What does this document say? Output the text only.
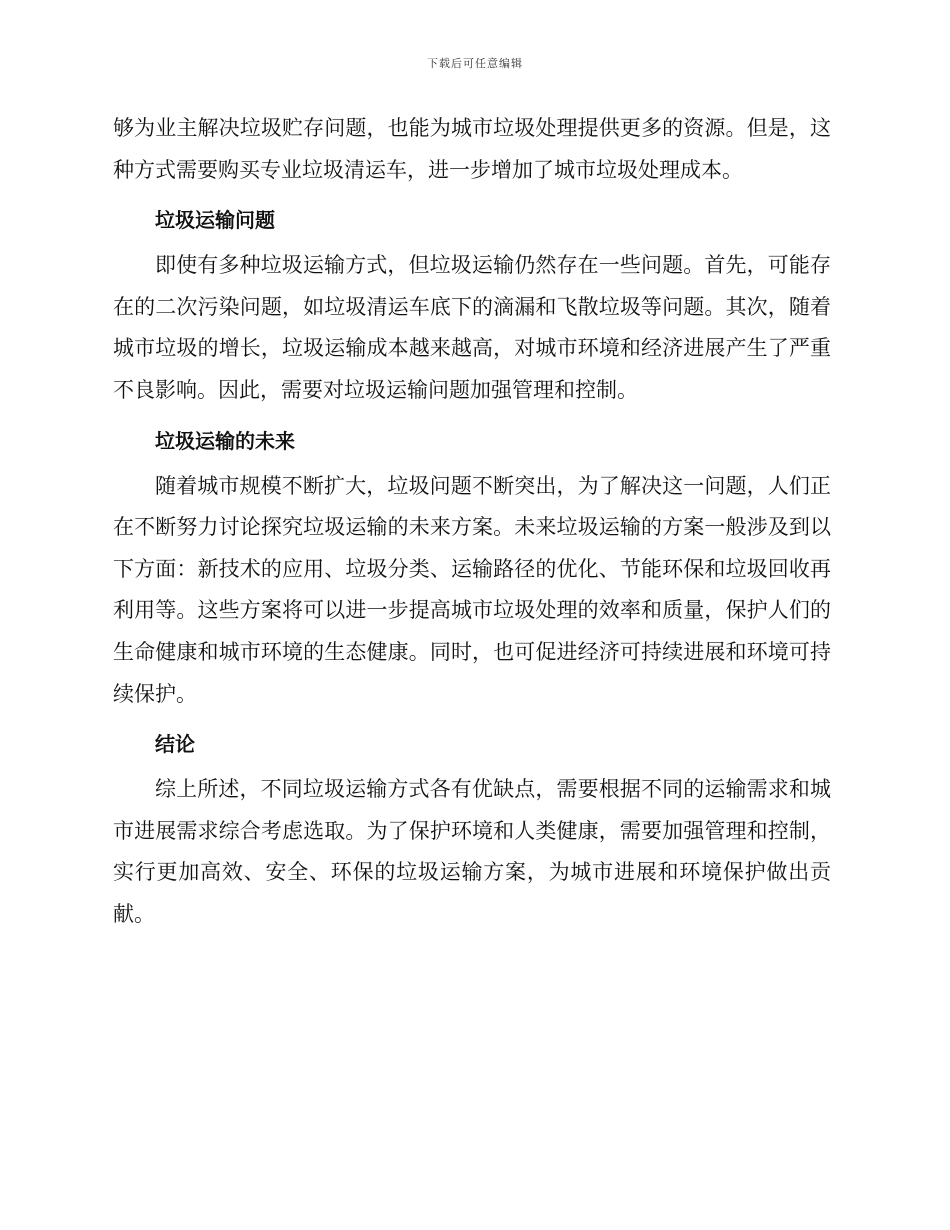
下载后可任意编辑

够为业主解决垃圾贮存问题，也能为城市垃圾处理提供更多的资源。但是，这种方式需要购买专业垃圾清运车，进一步增加了城市垃圾处理成本。

垃圾运输问题

即使有多种垃圾运输方式，但垃圾运输仍然存在一些问题。首先，可能存在的二次污染问题，如垃圾清运车底下的滴漏和飞散垃圾等问题。其次，随着城市垃圾的增长，垃圾运输成本越来越高，对城市环境和经济进展产生了严重不良影响。因此，需要对垃圾运输问题加强管理和控制。

垃圾运输的未来

随着城市规模不断扩大，垃圾问题不断突出，为了解决这一问题，人们正在不断努力讨论探究垃圾运输的未来方案。未来垃圾运输的方案一般涉及到以下方面：新技术的应用、垃圾分类、运输路径的优化、节能环保和垃圾回收再利用等。这些方案将可以进一步提高城市垃圾处理的效率和质量，保护人们的生命健康和城市环境的生态健康。同时，也可促进经济可持续进展和环境可持续保护。

结论

综上所述，不同垃圾运输方式各有优缺点，需要根据不同的运输需求和城市进展需求综合考虑选取。为了保护环境和人类健康，需要加强管理和控制，实行更加高效、安全、环保的垃圾运输方案，为城市进展和环境保护做出贡献。
